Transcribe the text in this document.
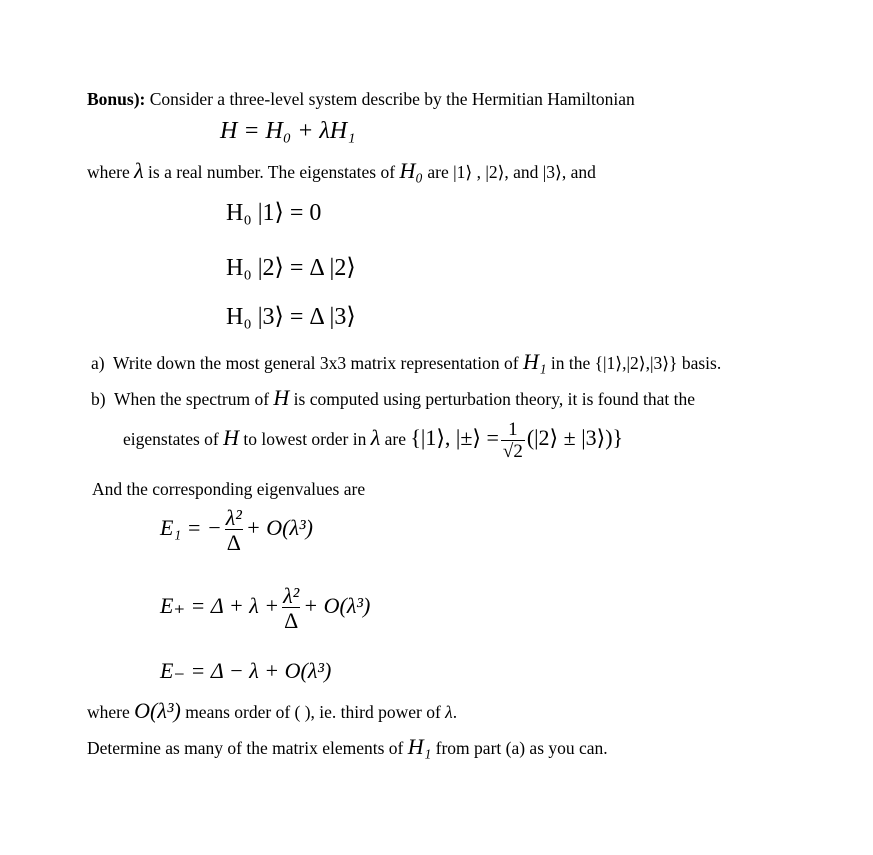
Bonus): Consider a three-level system describe by the Hermitian Hamiltonian
H = H₀ + λH₁
where λ is a real number. The eigenstates of H₀ are |1⟩ , |2⟩, and |3⟩, and
H₀ |1⟩ = 0
H₀ |2⟩ = Δ |2⟩
H₀ |3⟩ = Δ |3⟩
a) Write down the most general 3x3 matrix representation of H₁ in the {|1⟩,|2⟩,|3⟩} basis.
b) When the spectrum of H is computed using perturbation theory, it is found that the
eigenstates of H to lowest order in λ are {|1⟩, |±⟩ = $\frac{1}{√2}$ (|2⟩ ± |3⟩)}
And the corresponding eigenvalues are
E₁ = − $\frac{\text{λ²}}{\Delta} + O(\lambda^3)$
$E_+ = \Delta + \lambda + \frac{\text{λ²}}{\Delta} + O(\lambda^3)$
E₋ = Δ − λ + O(λ³)
where O(λ³) means order of ( ), ie. third power of λ.
Determine as many of the matrix elements of H₁ from part (a) as you can.
